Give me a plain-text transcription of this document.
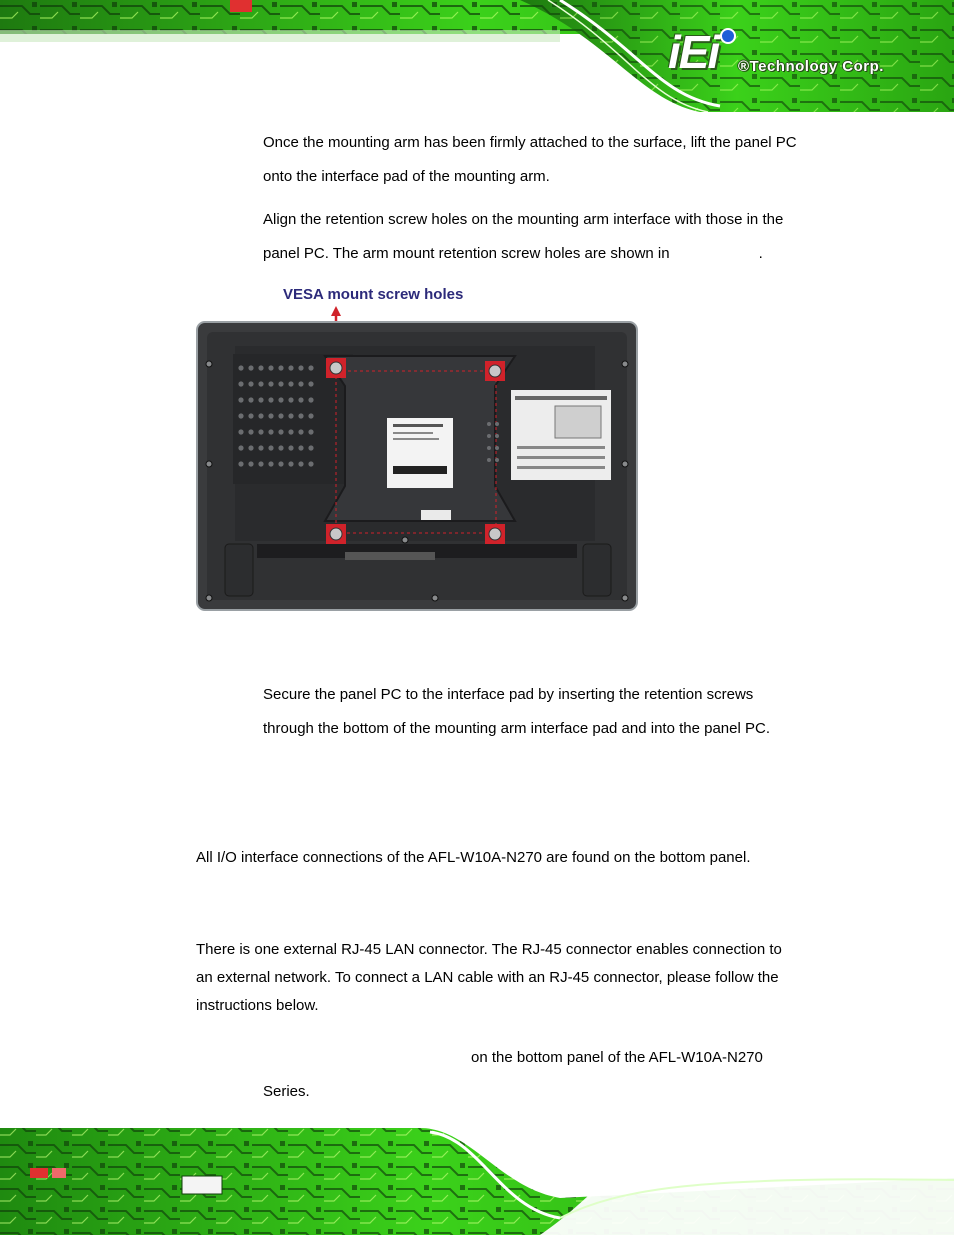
iEi	®Technology Corp.

Once the mounting arm has been firmly attached to the surface, lift the panel PC
onto the interface pad of the mounting arm.

Align the retention screw holes on the mounting arm interface with those in the
panel PC. The arm mount retention screw holes are shown in	.

VESA mount screw holes

Secure the panel PC to the interface pad by inserting the retention screws
through the bottom of the mounting arm interface pad and into the panel PC.

All I/O interface connections of the AFL-W10A-N270 are found on the bottom panel.

There is one external RJ-45 LAN connector. The RJ-45 connector enables connection to
an external network. To connect a LAN cable with an RJ-45 connector, please follow the
instructions below.

on the bottom panel of the AFL-W10A-N270
Series.
